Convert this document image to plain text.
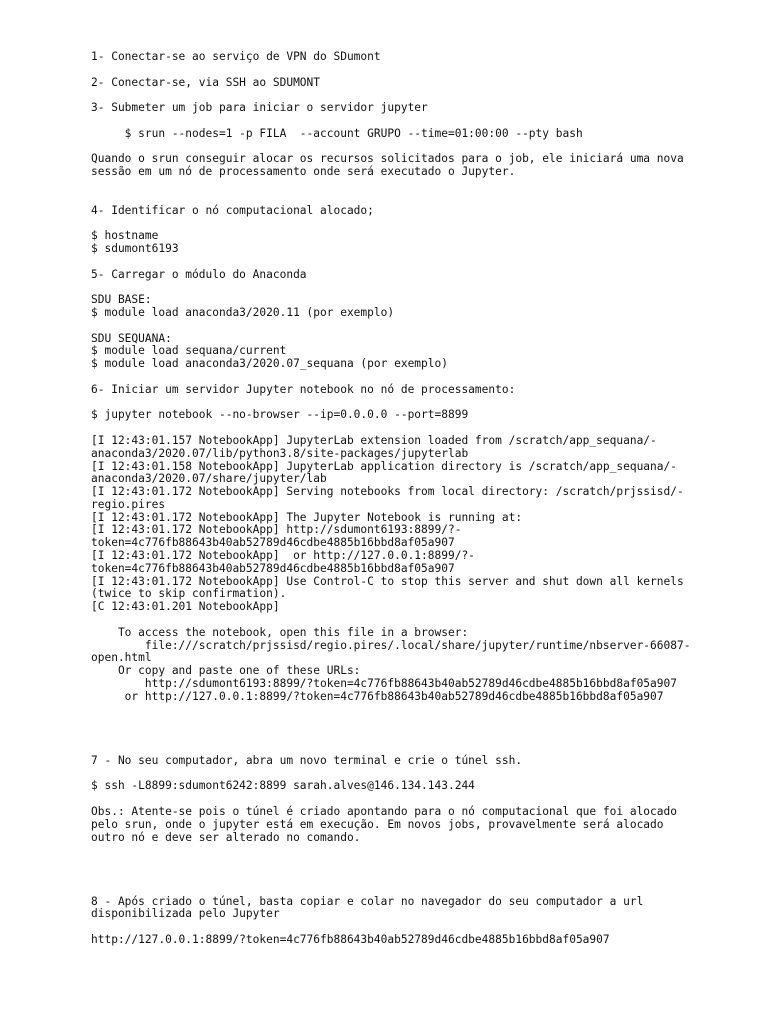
1- Conectar-se ao serviço de VPN do SDumont
2- Conectar-se, via SSH ao SDUMONT
3- Submeter um job para iniciar o servidor jupyter
$ srun --nodes=1 -p FILA  --account GRUPO --time=01:00:00 --pty bash
Quando o srun conseguir alocar os recursos solicitados para o job, ele iniciará uma nova
sessão em um nó de processamento onde será executado o Jupyter.
4- Identificar o nó computacional alocado;
$ hostname
$ sdumont6193
5- Carregar o módulo do Anaconda
SDU BASE:
$ module load anaconda3/2020.11 (por exemplo)
SDU SEQUANA:
$ module load sequana/current
$ module load anaconda3/2020.07_sequana (por exemplo)
6- Iniciar um servidor Jupyter notebook no nó de processamento:
$ jupyter notebook --no-browser --ip=0.0.0.0 --port=8899
[I 12:43:01.157 NotebookApp] JupyterLab extension loaded from /scratch/app_sequana/-
anaconda3/2020.07/lib/python3.8/site-packages/jupyterlab
[I 12:43:01.158 NotebookApp] JupyterLab application directory is /scratch/app_sequana/-
anaconda3/2020.07/share/jupyter/lab
[I 12:43:01.172 NotebookApp] Serving notebooks from local directory: /scratch/prjssisd/-
regio.pires
[I 12:43:01.172 NotebookApp] The Jupyter Notebook is running at:
[I 12:43:01.172 NotebookApp] http://sdumont6193:8899/?-
token=4c776fb88643b40ab52789d46cdbe4885b16bbd8af05a907
[I 12:43:01.172 NotebookApp]  or http://127.0.0.1:8899/?-
token=4c776fb88643b40ab52789d46cdbe4885b16bbd8af05a907
[I 12:43:01.172 NotebookApp] Use Control-C to stop this server and shut down all kernels
(twice to skip confirmation).
[C 12:43:01.201 NotebookApp]
To access the notebook, open this file in a browser:
file:///scratch/prjssisd/regio.pires/.local/share/jupyter/runtime/nbserver-66087-
open.html
Or copy and paste one of these URLs:
http://sdumont6193:8899/?token=4c776fb88643b40ab52789d46cdbe4885b16bbd8af05a907
or http://127.0.0.1:8899/?token=4c776fb88643b40ab52789d46cdbe4885b16bbd8af05a907
7 - No seu computador, abra um novo terminal e crie o túnel ssh.
$ ssh -L8899:sdumont6242:8899 sarah.alves@146.134.143.244
Obs.: Atente-se pois o túnel é criado apontando para o nó computacional que foi alocado
pelo srun, onde o jupyter está em execução. Em novos jobs, provavelmente será alocado
outro nó e deve ser alterado no comando.
8 - Após criado o túnel, basta copiar e colar no navegador do seu computador a url
disponibilizada pelo Jupyter
http://127.0.0.1:8899/?token=4c776fb88643b40ab52789d46cdbe4885b16bbd8af05a907
